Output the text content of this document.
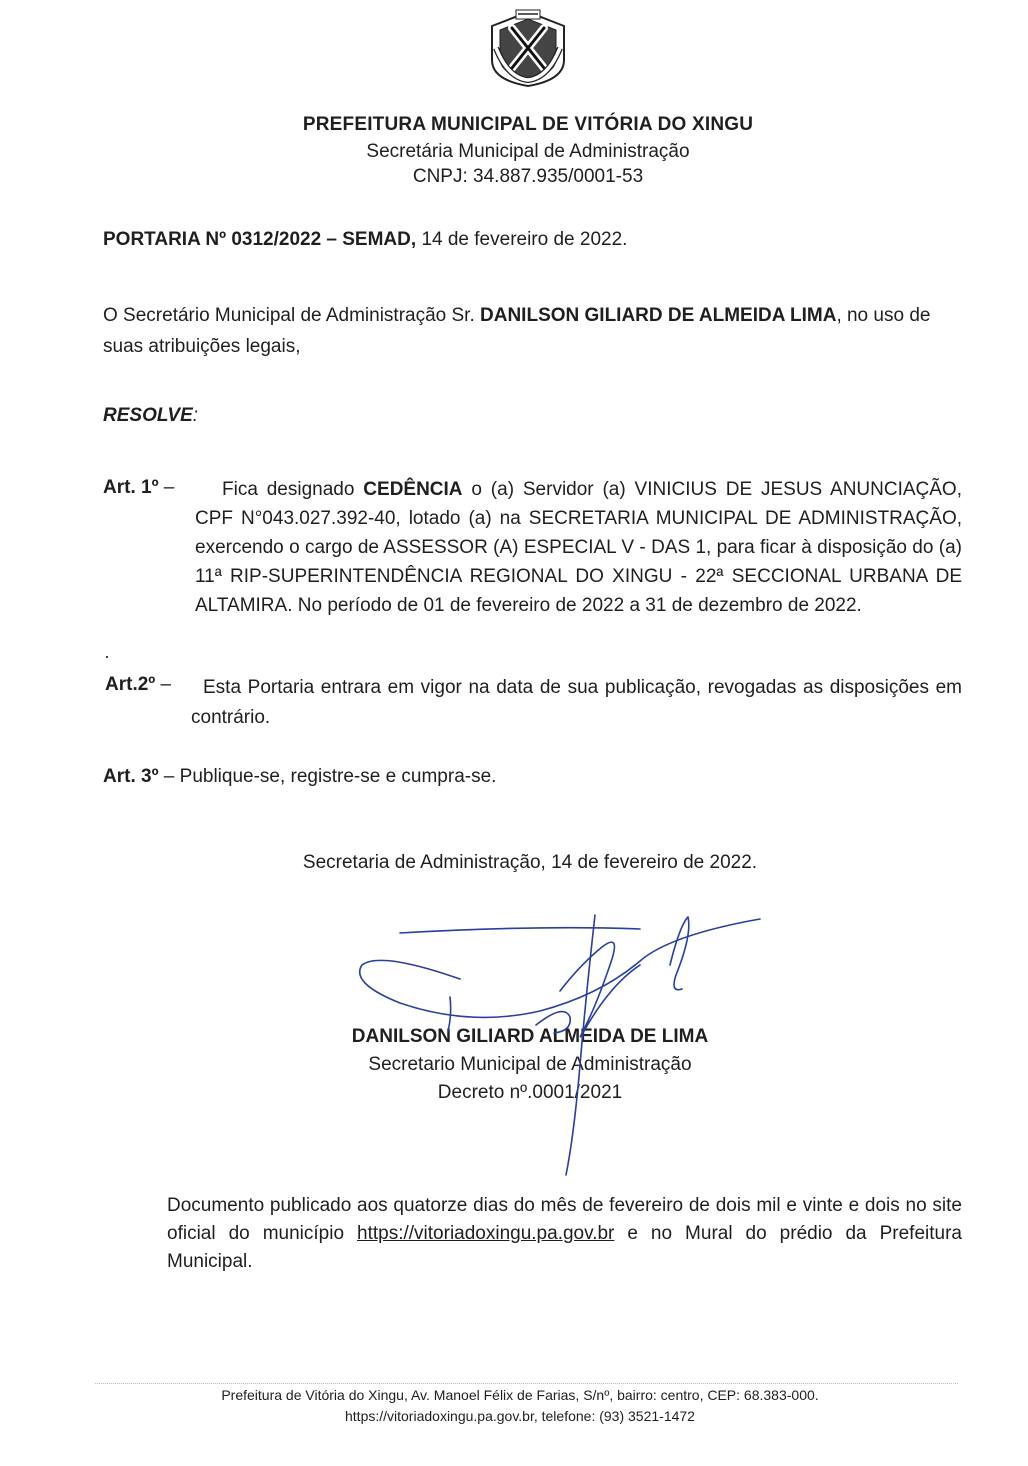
PREFEITURA MUNICIPAL DE VITÓRIA DO XINGU
Secretária Municipal de Administração
CNPJ: 34.887.935/0001-53
PORTARIA Nº 0312/2022 – SEMAD, 14 de fevereiro de 2022.
O Secretário Municipal de Administração Sr. DANILSON GILIARD DE ALMEIDA LIMA, no uso de suas atribuições legais,
RESOLVE:
Art. 1º –	Fica designado CEDÊNCIA o (a) Servidor (a) VINICIUS DE JESUS ANUNCIAÇÃO, CPF N°043.027.392-40, lotado (a) na SECRETARIA MUNICIPAL DE ADMINISTRAÇÃO, exercendo o cargo de ASSESSOR (A) ESPECIAL V - DAS 1, para ficar à disposição do (a) 11ª RIP-SUPERINTENDÊNCIA REGIONAL DO XINGU - 22ª SECCIONAL URBANA DE ALTAMIRA. No período de 01 de fevereiro de 2022 a 31 de dezembro de 2022.
Art.2º –	Esta Portaria entrara em vigor na data de sua publicação, revogadas as disposições em contrário.
Art. 3º – Publique-se, registre-se e cumpra-se.
Secretaria de Administração, 14 de fevereiro de 2022.
DANILSON GILIARD ALMEIDA DE LIMA
Secretario Municipal de Administração
Decreto nº.0001/2021
Documento publicado aos quatorze dias do mês de fevereiro de dois mil e vinte e dois no site oficial do município https://vitoriadoxingu.pa.gov.br e no Mural do prédio da Prefeitura Municipal.
Prefeitura de Vitória do Xingu, Av. Manoel Félix de Farias, S/nº, bairro: centro, CEP: 68.383-000.
https://vitoriadoxingu.pa.gov.br, telefone: (93) 3521-1472
